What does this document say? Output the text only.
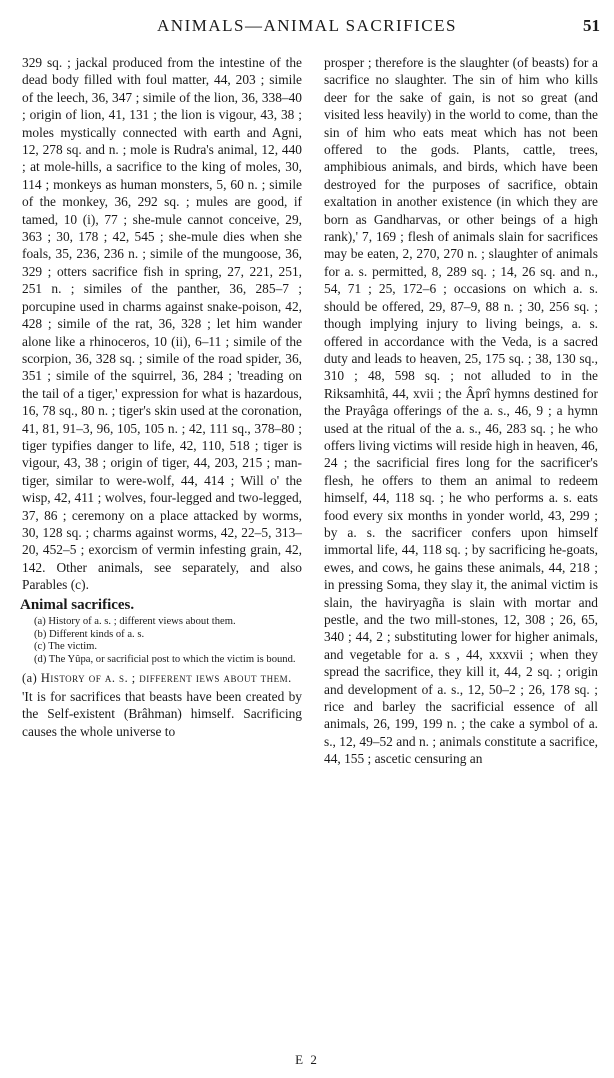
ANIMALS—ANIMAL SACRIFICES	51

329 sq. ; jackal produced from the intestine of the dead body filled with foul matter, 44, 203 ; simile of the leech, 36, 347 ; simile of the lion, 36, 338–40 ; origin of lion, 41, 131 ; the lion is vigour, 43, 38 ; moles mystically connected with earth and Agni, 12, 278 sq. and n. ; mole is Rudra's animal, 12, 440 ; at mole-hills, a sacrifice to the king of moles, 30, 114 ; monkeys as human monsters, 5, 60 n. ; simile of the monkey, 36, 292 sq. ; mules are good, if tamed, 10 (i), 77 ; she-mule cannot conceive, 29, 363 ; 30, 178 ; 42, 545 ; she-mule dies when she foals, 35, 236, 236 n. ; simile of the mungoose, 36, 329 ; otters sacrifice fish in spring, 27, 221, 251, 251 n. ; similes of the panther, 36, 285–7 ; porcupine used in charms against snake-poison, 42, 428 ; simile of the rat, 36, 328 ; let him wander alone like a rhinoceros, 10 (ii), 6–11 ; simile of the scorpion, 36, 328 sq. ; simile of the road spider, 36, 351 ; simile of the squirrel, 36, 284 ; 'treading on the tail of a tiger,' expression for what is hazardous, 16, 78 sq., 80 n. ; tiger's skin used at the coronation, 41, 81, 91–3, 96, 105, 105 n. ; 42, 111 sq., 378–80 ; tiger typifies danger to life, 42, 110, 518 ; tiger is vigour, 43, 38 ; origin of tiger, 44, 203, 215 ; man-tiger, similar to were-wolf, 44, 414 ; Will o' the wisp, 42, 411 ; wolves, four-legged and two-legged, 37, 86 ; ceremony on a place attacked by worms, 30, 128 sq. ; charms against worms, 42, 22–5, 313–20, 452–5 ; exorcism of vermin infesting grain, 42, 142. Other animals, see separately, and also Parables (c).

Animal sacrifices.

(a) History of a. s. ; different views about them.
(b) Different kinds of a. s.
(c) The victim.
(d) The Yûpa, or sacrificial post to which the victim is bound.

(a) History of a. s. ; different iews about them.

'It is for sacrifices that beasts have been created by the Self-existent (Brâhman) himself. Sacrificing causes the whole universe to

prosper ; therefore is the slaughter (of beasts) for a sacrifice no slaughter. The sin of him who kills deer for the sake of gain, is not so great (and visited less heavily) in the world to come, than the sin of him who eats meat which has not been offered to the gods. Plants, cattle, trees, amphibious animals, and birds, which have been destroyed for the purposes of sacrifice, obtain exaltation in another existence (in which they are born as Gandharvas, or other beings of a high rank),' 7, 169 ; flesh of animals slain for sacrifices may be eaten, 2, 270, 270 n. ; slaughter of animals for a. s. permitted, 8, 289 sq. ; 14, 26 sq. and n., 54, 71 ; 25, 172–6 ; occasions on which a. s. should be offered, 29, 87–9, 88 n. ; 30, 256 sq. ; though implying injury to living beings, a. s. offered in accordance with the Veda, is a sacred duty and leads to heaven, 25, 175 sq. ; 38, 130 sq., 310 ; 48, 598 sq. ; not alluded to in the Riksamhitâ, 44, xvii ; the Âprî hymns destined for the Prayâga offerings of the a. s., 46, 9 ; a hymn used at the ritual of the a. s., 46, 283 sq. ; he who offers living victims will reside high in heaven, 46, 24 ; the sacrificial fires long for the sacrificer's flesh, he offers to them an animal to redeem himself, 44, 118 sq. ; he who performs a. s. eats food every six months in yonder world, 43, 299 ; by a. s. the sacrificer confers upon himself immortal life, 44, 118 sq. ; by sacrificing he-goats, ewes, and cows, he gains these animals, 44, 218 ; in pressing Soma, they slay it, the animal victim is slain, the haviryagña is slain with mortar and pestle, and the two mill-stones, 12, 308 ; 26, 65, 340 ; 44, 2 ; substituting lower for higher animals, and vegetable for a. s , 44, xxxvii ; when they spread the sacrifice, they kill it, 44, 2 sq. ; origin and development of a. s., 12, 50–2 ; 26, 178 sq. ; rice and barley the sacrificial essence of all animals, 26, 199, 199 n. ; the cake a symbol of a. s., 12, 49–52 and n. ; animals constitute a sacrifice, 44, 155 ; ascetic censuring an

E 2
